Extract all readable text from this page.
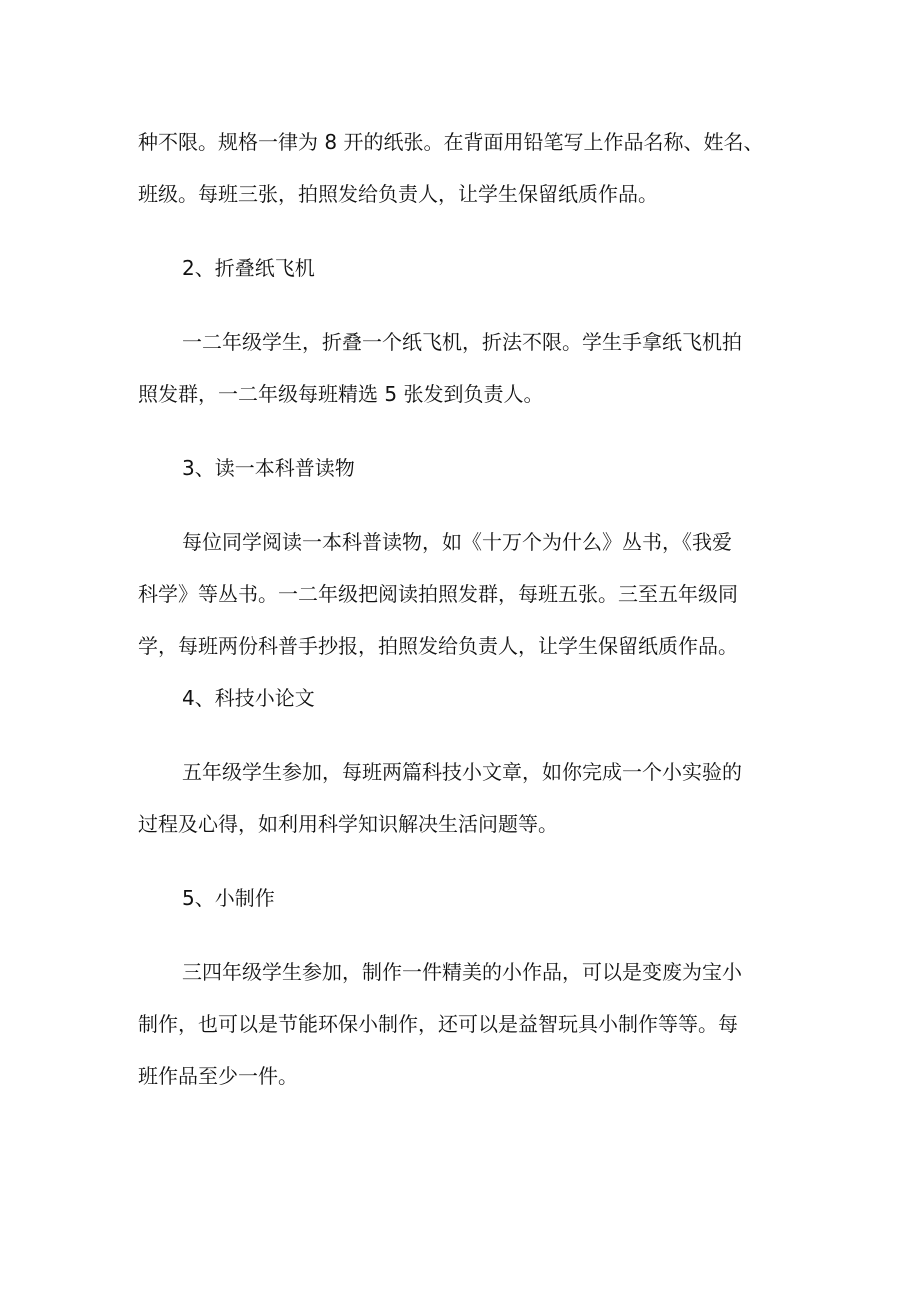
种不限。规格一律为 8 开的纸张。在背面用铅笔写上作品名称、姓名、
班级。每班三张，拍照发给负责人，让学生保留纸质作品。
2、折叠纸飞机
一二年级学生，折叠一个纸飞机，折法不限。学生手拿纸飞机拍
照发群，一二年级每班精选 5 张发到负责人。
3、读一本科普读物
每位同学阅读一本科普读物，如《十万个为什么》丛书，《我爱
科学》等丛书。一二年级把阅读拍照发群，每班五张。三至五年级同
学，每班两份科普手抄报，拍照发给负责人，让学生保留纸质作品。
4、科技小论文
五年级学生参加，每班两篇科技小文章，如你完成一个小实验的
过程及心得，如利用科学知识解决生活问题等。
5、小制作
三四年级学生参加，制作一件精美的小作品，可以是变废为宝小
制作，也可以是节能环保小制作，还可以是益智玩具小制作等等。每
班作品至少一件。
